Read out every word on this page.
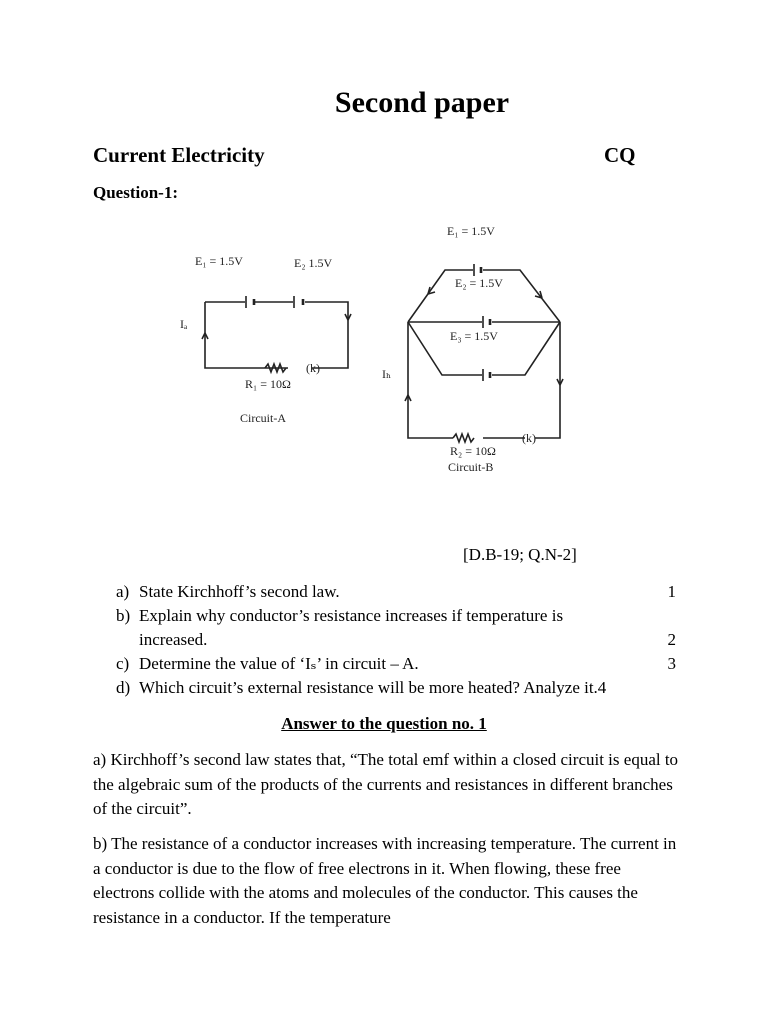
Second paper
Current Electricity	CQ
Question-1:
E₁ = 1.5V	E₂ 1.5V
Iₐ
(k)
R₁ = 10Ω
Circuit-A
E₁ = 1.5V
E₂ = 1.5V
E₃ = 1.5V
Iₕ
(k)
R₂ = 10Ω
Circuit-B
[D.B-19; Q.N-2]
a) State Kirchhoff’s second law.	1
b) Explain why conductor’s resistance increases if temperature is
increased.	2
c) Determine the value of ‘Iₛ’ in circuit – A.	3
d) Which circuit’s external resistance will be more heated? Analyze it.4
Answer to the question no. 1
a) Kirchhoff’s second law states that, “The total emf within a closed circuit is equal to the algebraic sum of the products of the currents and resistances in different branches of the circuit”.
b) The resistance of a conductor increases with increasing temperature. The current in a conductor is due to the flow of free electrons in it. When flowing, these free electrons collide with the atoms and molecules of the conductor. This causes the resistance in a conductor. If the temperature
